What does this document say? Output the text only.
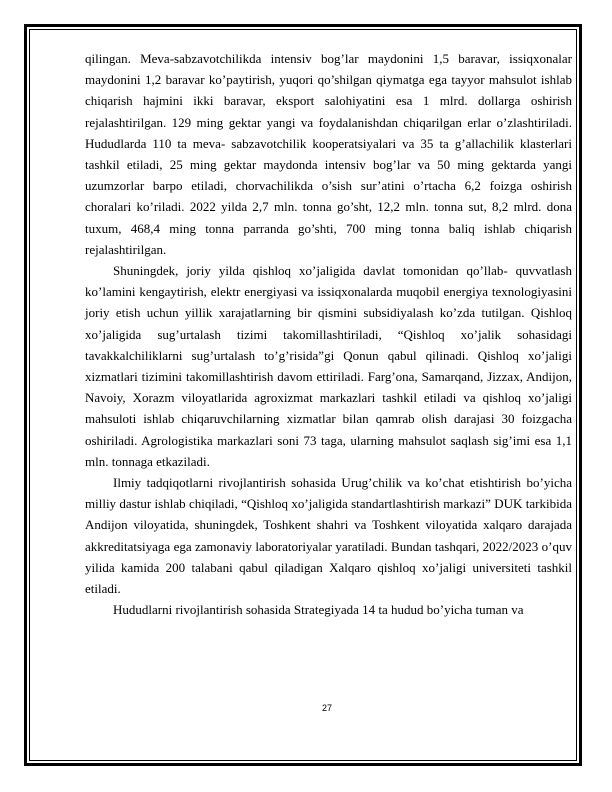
qilingan. Meva-sabzavotchilikda intensiv bog’lar maydonini 1,5 baravar, issiqxonalar maydonini 1,2 baravar ko’paytirish, yuqori qo’shilgan qiymatga ega tayyor mahsulot ishlab chiqarish hajmini ikki baravar, eksport salohiyatini esa 1 mlrd. dollarga oshirish rejalashtirilgan. 129 ming gektar yangi va foydalanishdan chiqarilgan erlar o’zlashtiriladi. Hududlarda 110 ta meva- sabzavotchilik kooperatsiyalari va 35 ta g’allachilik klasterlari tashkil etiladi, 25 ming gektar maydonda intensiv bog’lar va 50 ming gektarda yangi uzumzorlar barpo etiladi, chorvachilikda o’sish sur’atini o’rtacha 6,2 foizga oshirish choralari ko’riladi. 2022 yilda 2,7 mln. tonna go’sht, 12,2 mln. tonna sut, 8,2 mlrd. dona tuxum, 468,4 ming tonna parranda go’shti, 700 ming tonna baliq ishlab chiqarish rejalashtirilgan.

Shuningdek, joriy yilda qishloq xo’jaligida davlat tomonidan qo’llab- quvvatlash ko’lamini kengaytirish, elektr energiyasi va issiqxonalarda muqobil energiya texnologiyasini joriy etish uchun yillik xarajatlarning bir qismini subsidiyalash ko’zda tutilgan. Qishloq xo’jaligida sug’urtalash tizimi takomillashtiriladi, “Qishloq xo’jalik sohasidagi tavakkalchiliklarni sug’urtalash to’g’risida”gi Qonun qabul qilinadi. Qishloq xo’jaligi xizmatlari tizimini takomillashtirish davom ettiriladi. Farg’ona, Samarqand, Jizzax, Andijon, Navoiy, Xorazm viloyatlarida agroxizmat markazlari tashkil etiladi va qishloq xo’jaligi mahsuloti ishlab chiqaruvchilarning xizmatlar bilan qamrab olish darajasi 30 foizgacha oshiriladi. Agrologistika markazlari soni 73 taga, ularning mahsulot saqlash sig’imi esa 1,1 mln. tonnaga etkaziladi.

Ilmiy tadqiqotlarni rivojlantirish sohasida Urug’chilik va ko’chat etishtirish bo’yicha milliy dastur ishlab chiqiladi, “Qishloq xo’jaligida standartlashtirish markazi” DUK tarkibida Andijon viloyatida, shuningdek, Toshkent shahri va Toshkent viloyatida xalqaro darajada akkreditatsiyaga ega zamonaviy laboratoriyalar yaratiladi. Bundan tashqari, 2022/2023 o’quv yilida kamida 200 talabani qabul qiladigan Xalqaro qishloq xo’jaligi universiteti tashkil etiladi.

Hududlarni rivojlantirish sohasida Strategiyada 14 ta hudud bo’yicha tuman va

27
